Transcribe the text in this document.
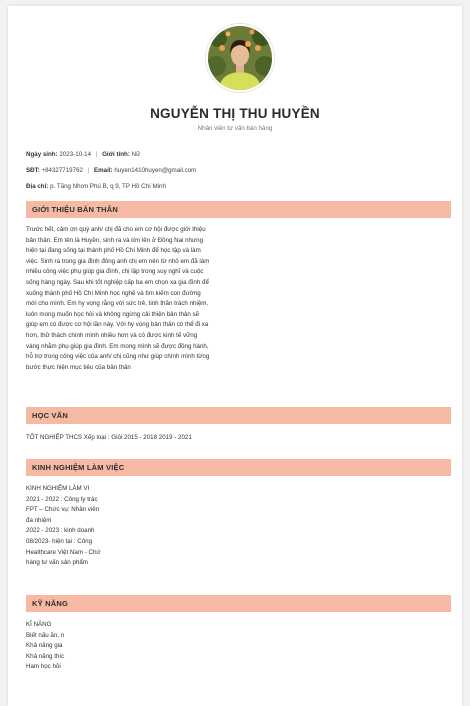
NGUYỄN THỊ THU HUYỀN
Nhân viên tư vấn bán hàng
Ngày sinh: 2023-10-14 | Giới tính: Nữ
SĐT: +84327719762 | Email: huyen1410huyen@gmail.com
Địa chỉ: p. Tăng Nhơn Phú B, q 9, TP Hồ Chí Minh
GIỚI THIỆU BẢN THÂN
Trước hết, cảm ơn quý anh/ chị đã cho em cơ hội được giới thiệu
bản thân. Em tên là Huyền, sinh ra và lớn lên ở Đồng Nai nhưng
hiện tại đang sống tại thành phố Hồ Chí Minh để học tập và làm
việc. Sinh ra trong gia đình đông anh chị em nên từ nhỏ em đã làm
nhiều công việc phụ giúp gia đình, chị lập trong suy nghĩ và cuộc
sống hàng ngày. Sau khi tốt nghiệp cấp ba em chọn xa gia đình để
xuống thành phố Hồ Chí Minh học nghề và tìm kiếm con đường
mới cho mình. Em hy vọng rằng với sức trẻ, tinh thần trách nhiệm,
luôn mong muốn học hỏi và không ngừng cải thiện bản thân sẽ
giúp em có được cơ hội lần này. Với hy vọng bản thân có thể đi xa
hơn, thử thách chính mình nhiều hơn và có được kinh tế vững
vàng nhằm phụ giúp gia đình. Em mong mình sẽ được đồng hành,
hỗ trợ trong công việc của anh/ chị cũng như giúp chính mình từng
bước thực hiện mục tiêu của bản thân
HỌC VẤN
TỐT NGHIỆP THCS Xếp loại : Giỏi 2015 - 2018 2019 - 2021
KINH NGHIỆM LÀM VIỆC
KINH NGHIỆM LÀM VI
2021 - 2022 : Công ty trác
FPT – Chức vụ: Nhân viên
đa nhiệm
2022 - 2023 : kinh doanh
08/2023- hiện tại : Công
Healthcare Việt Nam - Chứ
hàng tư vấn sản phẩm
KỸ NĂNG
KĨ NĂNG
Biết nấu ăn, n
Khả năng gia
Khả năng thíc
Ham học hỏi
